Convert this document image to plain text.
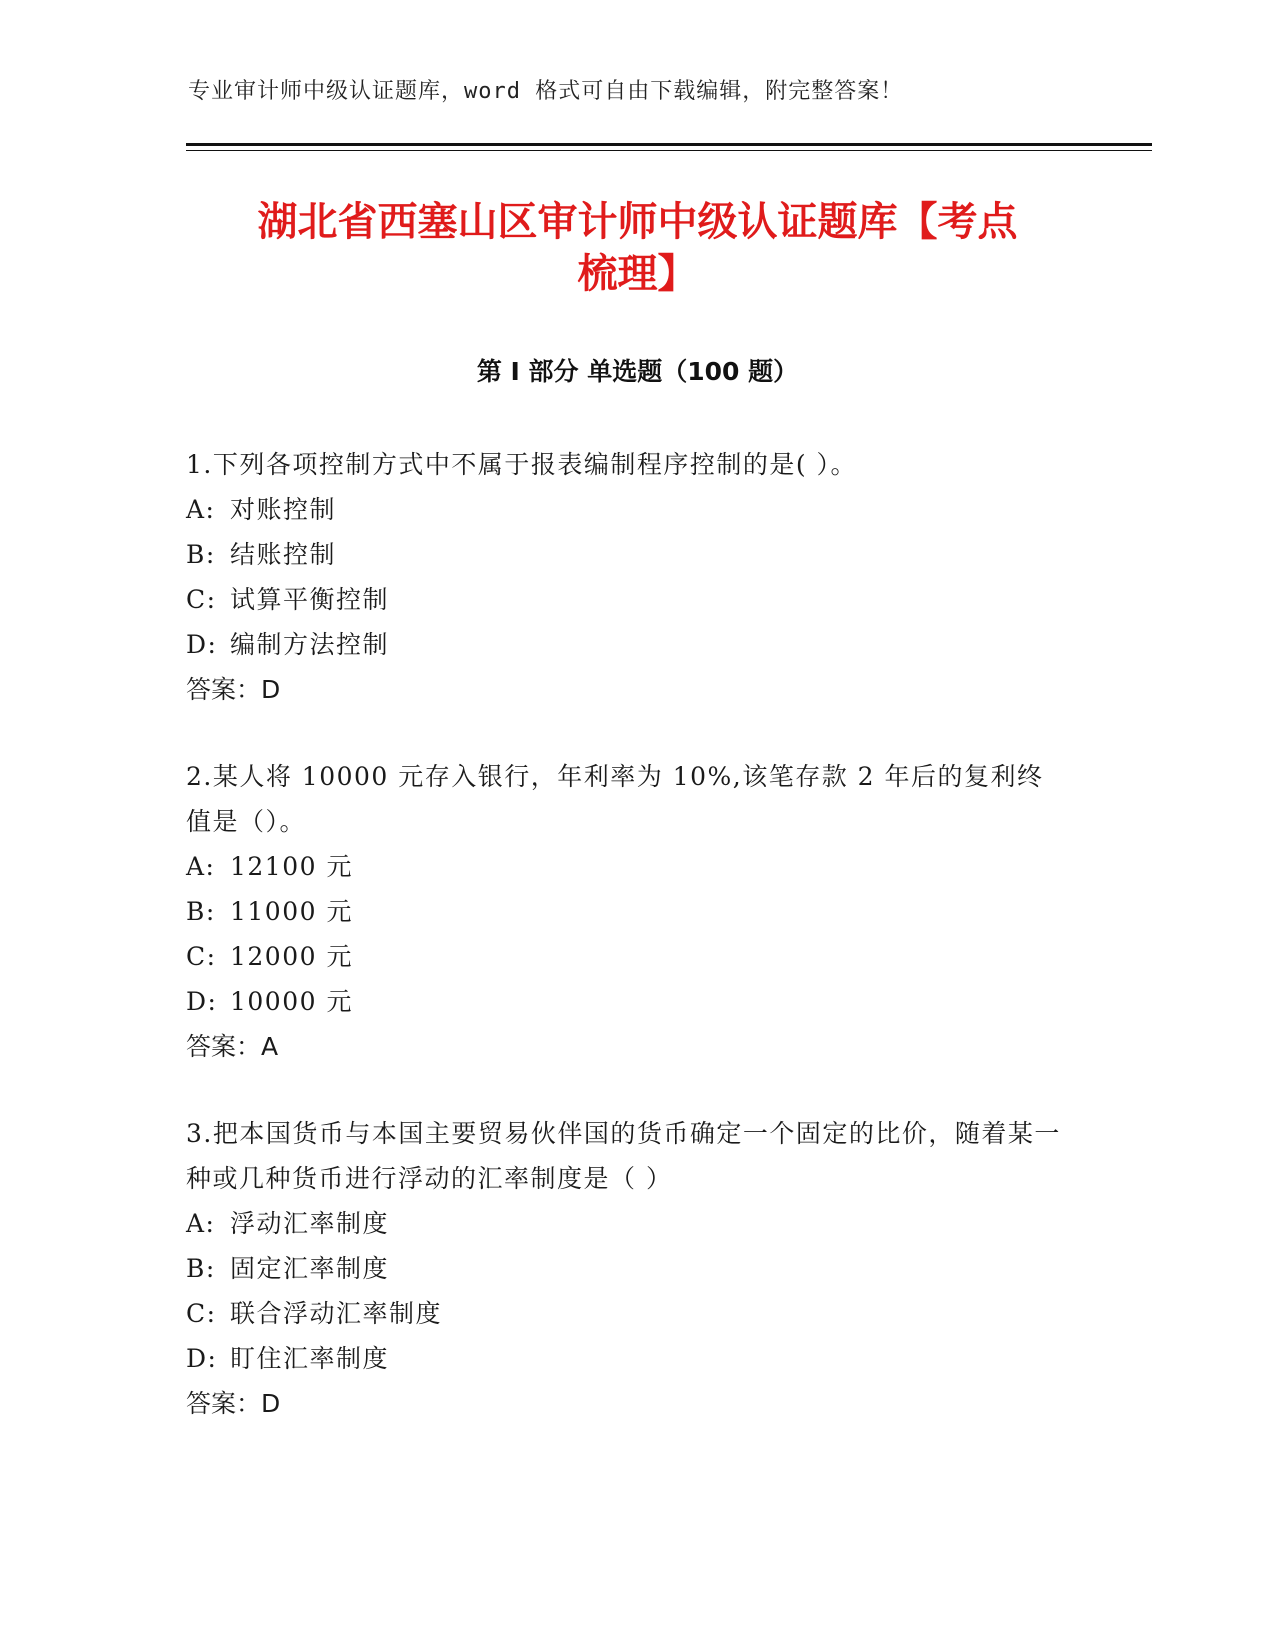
专业审计师中级认证题库，word 格式可自由下载编辑，附完整答案！
湖北省西塞山区审计师中级认证题库【考点
梳理】
第 I 部分 单选题（100 题）

1.下列各项控制方式中不属于报表编制程序控制的是( ）。

A: 对账控制

B: 结账控制

C: 试算平衡控制

D: 编制方法控制

答案：D

2.某人将 10000 元存入银行，年利率为 10%,该笔存款 2 年后的复利终值是（）。

A: 12100 元

B: 11000 元

C: 12000 元

D: 10000 元

答案：A

3.把本国货币与本国主要贸易伙伴国的货币确定一个固定的比价，随着某一种或几种货币进行浮动的汇率制度是（ ）

A: 浮动汇率制度

B: 固定汇率制度

C: 联合浮动汇率制度

D: 盯住汇率制度

答案：D
